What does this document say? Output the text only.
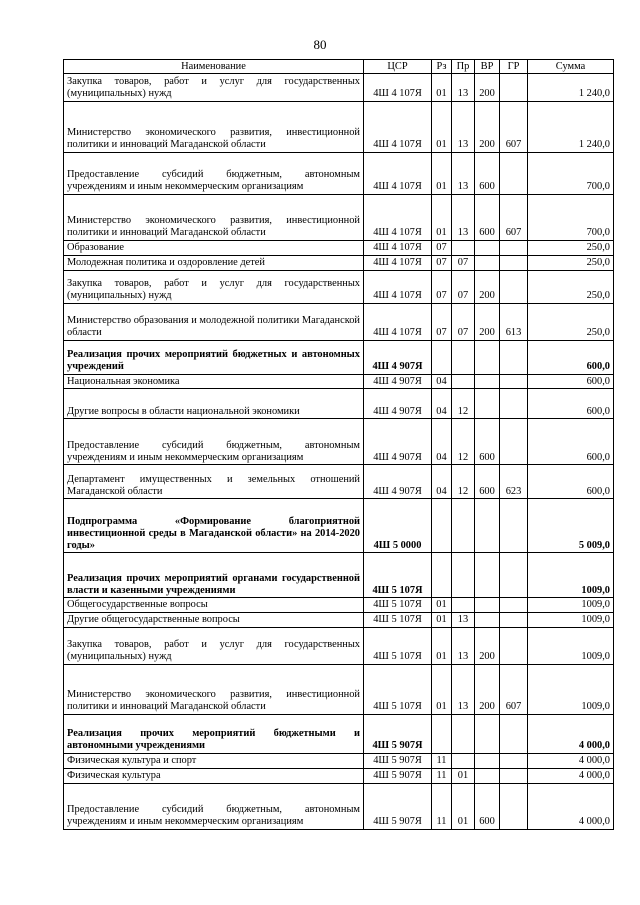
80
Наименование	ЦСР	Рз	Пр	ВР	ГР	Сумма
Закупка товаров, работ и услуг для государственных (муниципальных) нужд	4Ш 4 107Я	01	13	200		1 240,0
Министерство экономического развития, инвестиционной политики и инноваций Магаданской области	4Ш 4 107Я	01	13	200	607	1 240,0
Предоставление субсидий бюджетным, автономным учреждениям и иным некоммерческим организациям	4Ш 4 107Я	01	13	600		700,0
Министерство экономического развития, инвестиционной политики и инноваций Магаданской области	4Ш 4 107Я	01	13	600	607	700,0
Образование	4Ш 4 107Я	07				250,0
Молодежная политика и оздоровление детей	4Ш 4 107Я	07	07			250,0
Закупка товаров, работ и услуг для государственных (муниципальных) нужд	4Ш 4 107Я	07	07	200		250,0
Министерство образования и молодежной политики Магаданской области	4Ш 4 107Я	07	07	200	613	250,0
Реализация прочих мероприятий бюджетных и автономных учреждений	4Ш 4 907Я					600,0
Национальная экономика	4Ш 4 907Я	04				600,0
Другие вопросы в области национальной экономики	4Ш 4 907Я	04	12			600,0
Предоставление субсидий бюджетным, автономным учреждениям и иным некоммерческим организациям	4Ш 4 907Я	04	12	600		600,0
Департамент имущественных и земельных отношений Магаданской области	4Ш 4 907Я	04	12	600	623	600,0
Подпрограмма «Формирование благоприятной инвестиционной среды в Магаданской области» на 2014-2020 годы»	4Ш 5 0000					5 009,0
Реализация прочих мероприятий органами государственной власти и казенными учреждениями	4Ш 5 107Я					1009,0
Общегосударственные вопросы	4Ш 5 107Я	01				1009,0
Другие общегосударственные вопросы	4Ш 5 107Я	01	13			1009,0
Закупка товаров, работ и услуг для государственных (муниципальных) нужд	4Ш 5 107Я	01	13	200		1009,0
Министерство экономического развития, инвестиционной политики и инноваций Магаданской области	4Ш 5 107Я	01	13	200	607	1009,0
Реализация прочих мероприятий бюджетными и автономными учреждениями	4Ш 5 907Я					4 000,0
Физическая культура и спорт	4Ш 5 907Я	11				4 000,0
Физическая культура	4Ш 5 907Я	11	01			4 000,0
Предоставление субсидий бюджетным, автономным учреждениям и иным некоммерческим организациям	4Ш 5 907Я	11	01	600		4 000,0
